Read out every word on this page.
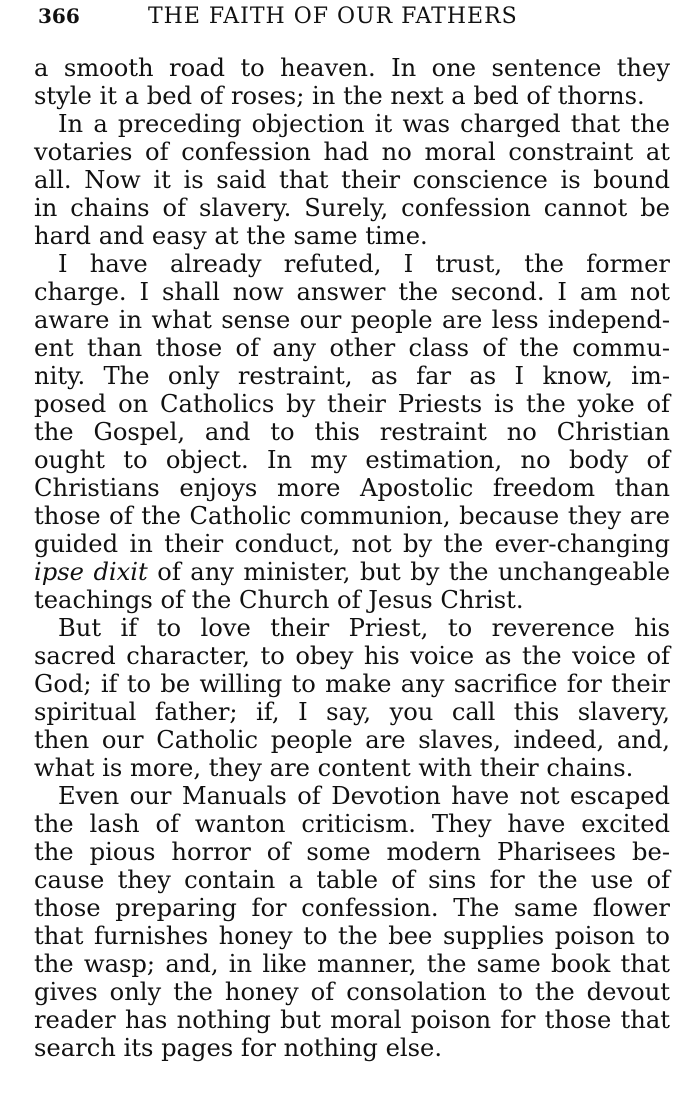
366	THE FAITH OF OUR FATHERS
a smooth road to heaven. In one sentence they
style it a bed of roses; in the next a bed of thorns.
In a preceding objection it was charged that the
votaries of confession had no moral constraint at
all. Now it is said that their conscience is bound
in chains of slavery. Surely, confession cannot be
hard and easy at the same time.
I have already refuted, I trust, the former
charge. I shall now answer the second. I am not
aware in what sense our people are less independ-
ent than those of any other class of the commu-
nity. The only restraint, as far as I know, im-
posed on Catholics by their Priests is the yoke of
the Gospel, and to this restraint no Christian
ought to object. In my estimation, no body of
Christians enjoys more Apostolic freedom than
those of the Catholic communion, because they are
guided in their conduct, not by the ever-changing
ipse dixit of any minister, but by the unchangeable
teachings of the Church of Jesus Christ.
But if to love their Priest, to reverence his
sacred character, to obey his voice as the voice of
God; if to be willing to make any sacrifice for their
spiritual father; if, I say, you call this slavery,
then our Catholic people are slaves, indeed, and,
what is more, they are content with their chains.
Even our Manuals of Devotion have not escaped
the lash of wanton criticism. They have excited
the pious horror of some modern Pharisees be-
cause they contain a table of sins for the use of
those preparing for confession. The same flower
that furnishes honey to the bee supplies poison to
the wasp; and, in like manner, the same book that
gives only the honey of consolation to the devout
reader has nothing but moral poison for those that
search its pages for nothing else.
